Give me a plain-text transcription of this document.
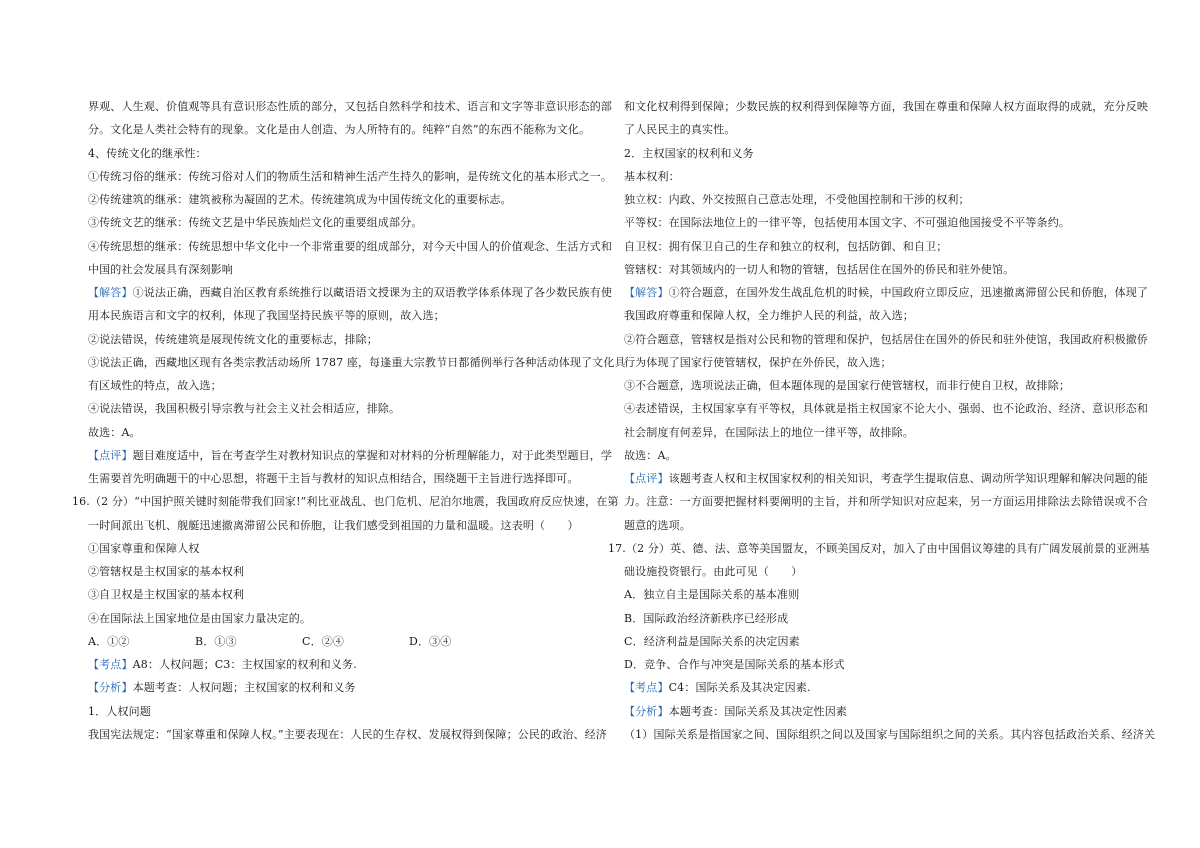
界观、人生观、价值观等具有意识形态性质的部分，又包括自然科学和技术、语言和文字等非意识形态的部
分。文化是人类社会特有的现象。文化是由人创造、为人所特有的。纯粹“自然”的东西不能称为文化。
4、传统文化的继承性：
①传统习俗的继承：传统习俗对人们的物质生活和精神生活产生持久的影响，是传统文化的基本形式之一。
②传统建筑的继承：建筑被称为凝固的艺术。传统建筑成为中国传统文化的重要标志。
③传统文艺的继承：传统文艺是中华民族灿烂文化的重要组成部分。
④传统思想的继承：传统思想中华文化中一个非常重要的组成部分，对今天中国人的价值观念、生活方式和
中国的社会发展具有深刻影响
【解答】①说法正确，西藏自治区教育系统推行以藏语语文授课为主的双语教学体系体现了各少数民族有使
用本民族语言和文字的权利，体现了我国坚持民族平等的原则，故入选；
②说法错误，传统建筑是展现传统文化的重要标志，排除；
③说法正确，西藏地区现有各类宗教活动场所 1787 座，每逢重大宗教节日都循例举行各种活动体现了文化具
有区域性的特点，故入选；
④说法错误，我国积极引导宗教与社会主义社会相适应，排除。
故选：A。
【点评】题目难度适中，旨在考查学生对教材知识点的掌握和对材料的分析理解能力，对于此类型题目，学
生需要首先明确题干的中心思想，将题干主旨与教材的知识点相结合，围绕题干主旨进行选择即可。
16.（2 分）“中国护照关键时刻能带我们回家!”利比亚战乱、也门危机、尼泊尔地震，我国政府反应快速，在第
一时间派出飞机、舰艇迅速撤离滞留公民和侨胞，让我们感受到祖国的力量和温暖。这表明（　　）
①国家尊重和保障人权
②管辖权是主权国家的基本权利
③自卫权是主权国家的基本权利
④在国际法上国家地位是由国家力量决定的。
A．①②	B．①③	C．②④	D．③④
【考点】A8：人权问题；C3：主权国家的权利和义务.
【分析】本题考查：人权问题；主权国家的权利和义务
1．人权问题
我国宪法规定：“国家尊重和保障人权。”主要表现在：人民的生存权、发展权得到保障；公民的政治、经济
和文化权利得到保障；少数民族的权利得到保障等方面，我国在尊重和保障人权方面取得的成就，充分反映
了人民民主的真实性。
2．主权国家的权利和义务
基本权利：
独立权：内政、外交按照自己意志处理，不受他国控制和干涉的权利；
平等权：在国际法地位上的一律平等，包括使用本国文字、不可强迫他国接受不平等条约。
自卫权：拥有保卫自己的生存和独立的权利，包括防御、和自卫；
管辖权：对其领域内的一切人和物的管辖，包括居住在国外的侨民和驻外使馆。
【解答】①符合题意，在国外发生战乱危机的时候，中国政府立即反应，迅速撤离滞留公民和侨胞，体现了
我国政府尊重和保障人权，全力维护人民的利益，故入选；
②符合题意，管辖权是指对公民和物的管理和保护，包括居住在国外的侨民和驻外使馆，我国政府积极撤侨
行为体现了国家行使管辖权，保护在外侨民，故入选；
③不合题意，选项说法正确，但本题体现的是国家行使管辖权，而非行使自卫权，故排除；
④表述错误，主权国家享有平等权，具体就是指主权国家不论大小、强弱、也不论政治、经济、意识形态和
社会制度有何差异，在国际法上的地位一律平等，故排除。
故选：A。
【点评】该题考查人权和主权国家权利的相关知识，考查学生提取信息、调动所学知识理解和解决问题的能
力。注意：一方面要把握材料要阐明的主旨，并和所学知识对应起来，另一方面运用排除法去除错误或不合
题意的选项。
17.（2 分）英、德、法、意等美国盟友，不顾美国反对，加入了由中国倡议筹建的具有广阔发展前景的亚洲基
础设施投资银行。由此可见（　　）
A．独立自主是国际关系的基本准则
B．国际政治经济新秩序已经形成
C．经济利益是国际关系的决定因素
D．竞争、合作与冲突是国际关系的基本形式
【考点】C4：国际关系及其决定因素.
【分析】本题考查：国际关系及其决定性因素
（1）国际关系是指国家之间、国际组织之间以及国家与国际组织之间的关系。其内容包括政治关系、经济关
